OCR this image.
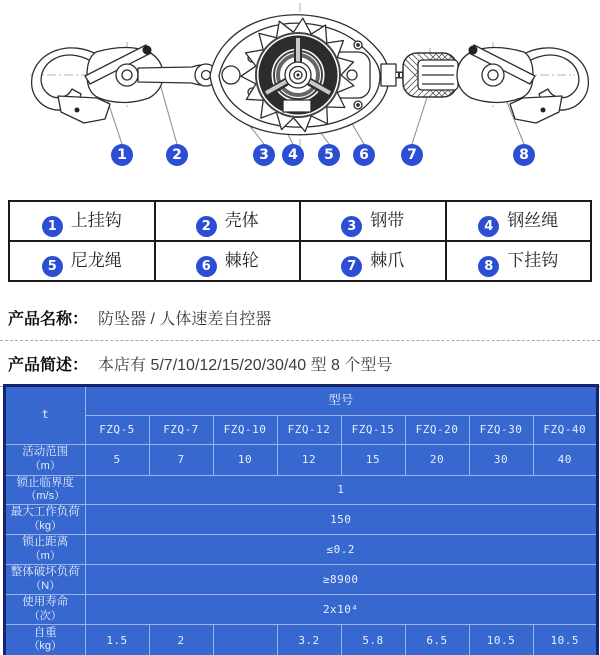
1	2	3	4	5	6	7	8
1 上挂钩	2 壳体	3 钢带	4 钢丝绳
5 尼龙绳	6 棘轮	7 棘爪	8 下挂钩
产品名称： 防坠器 / 人体速差自控器
产品简述： 本店有 5/7/10/12/15/20/30/40 型 8 个型号
t	型号							
	FZQ-5	FZQ-7	FZQ-10	FZQ-12	FZQ-15	FZQ-20	FZQ-30	FZQ-40

活动范围
（m）	5	7	10	12	15	20	30	40

锁止临界度
（m/s）	1							

最大工作负荷
（kg）	150							

锁止距离
（m）	≤0.2							

整体破坏负荷
（N）	≥8900							

使用寿命
（次）	2x10⁴							

自重
（kg）	1.5	2		3.2	5.8	6.5	10.5	10.5
